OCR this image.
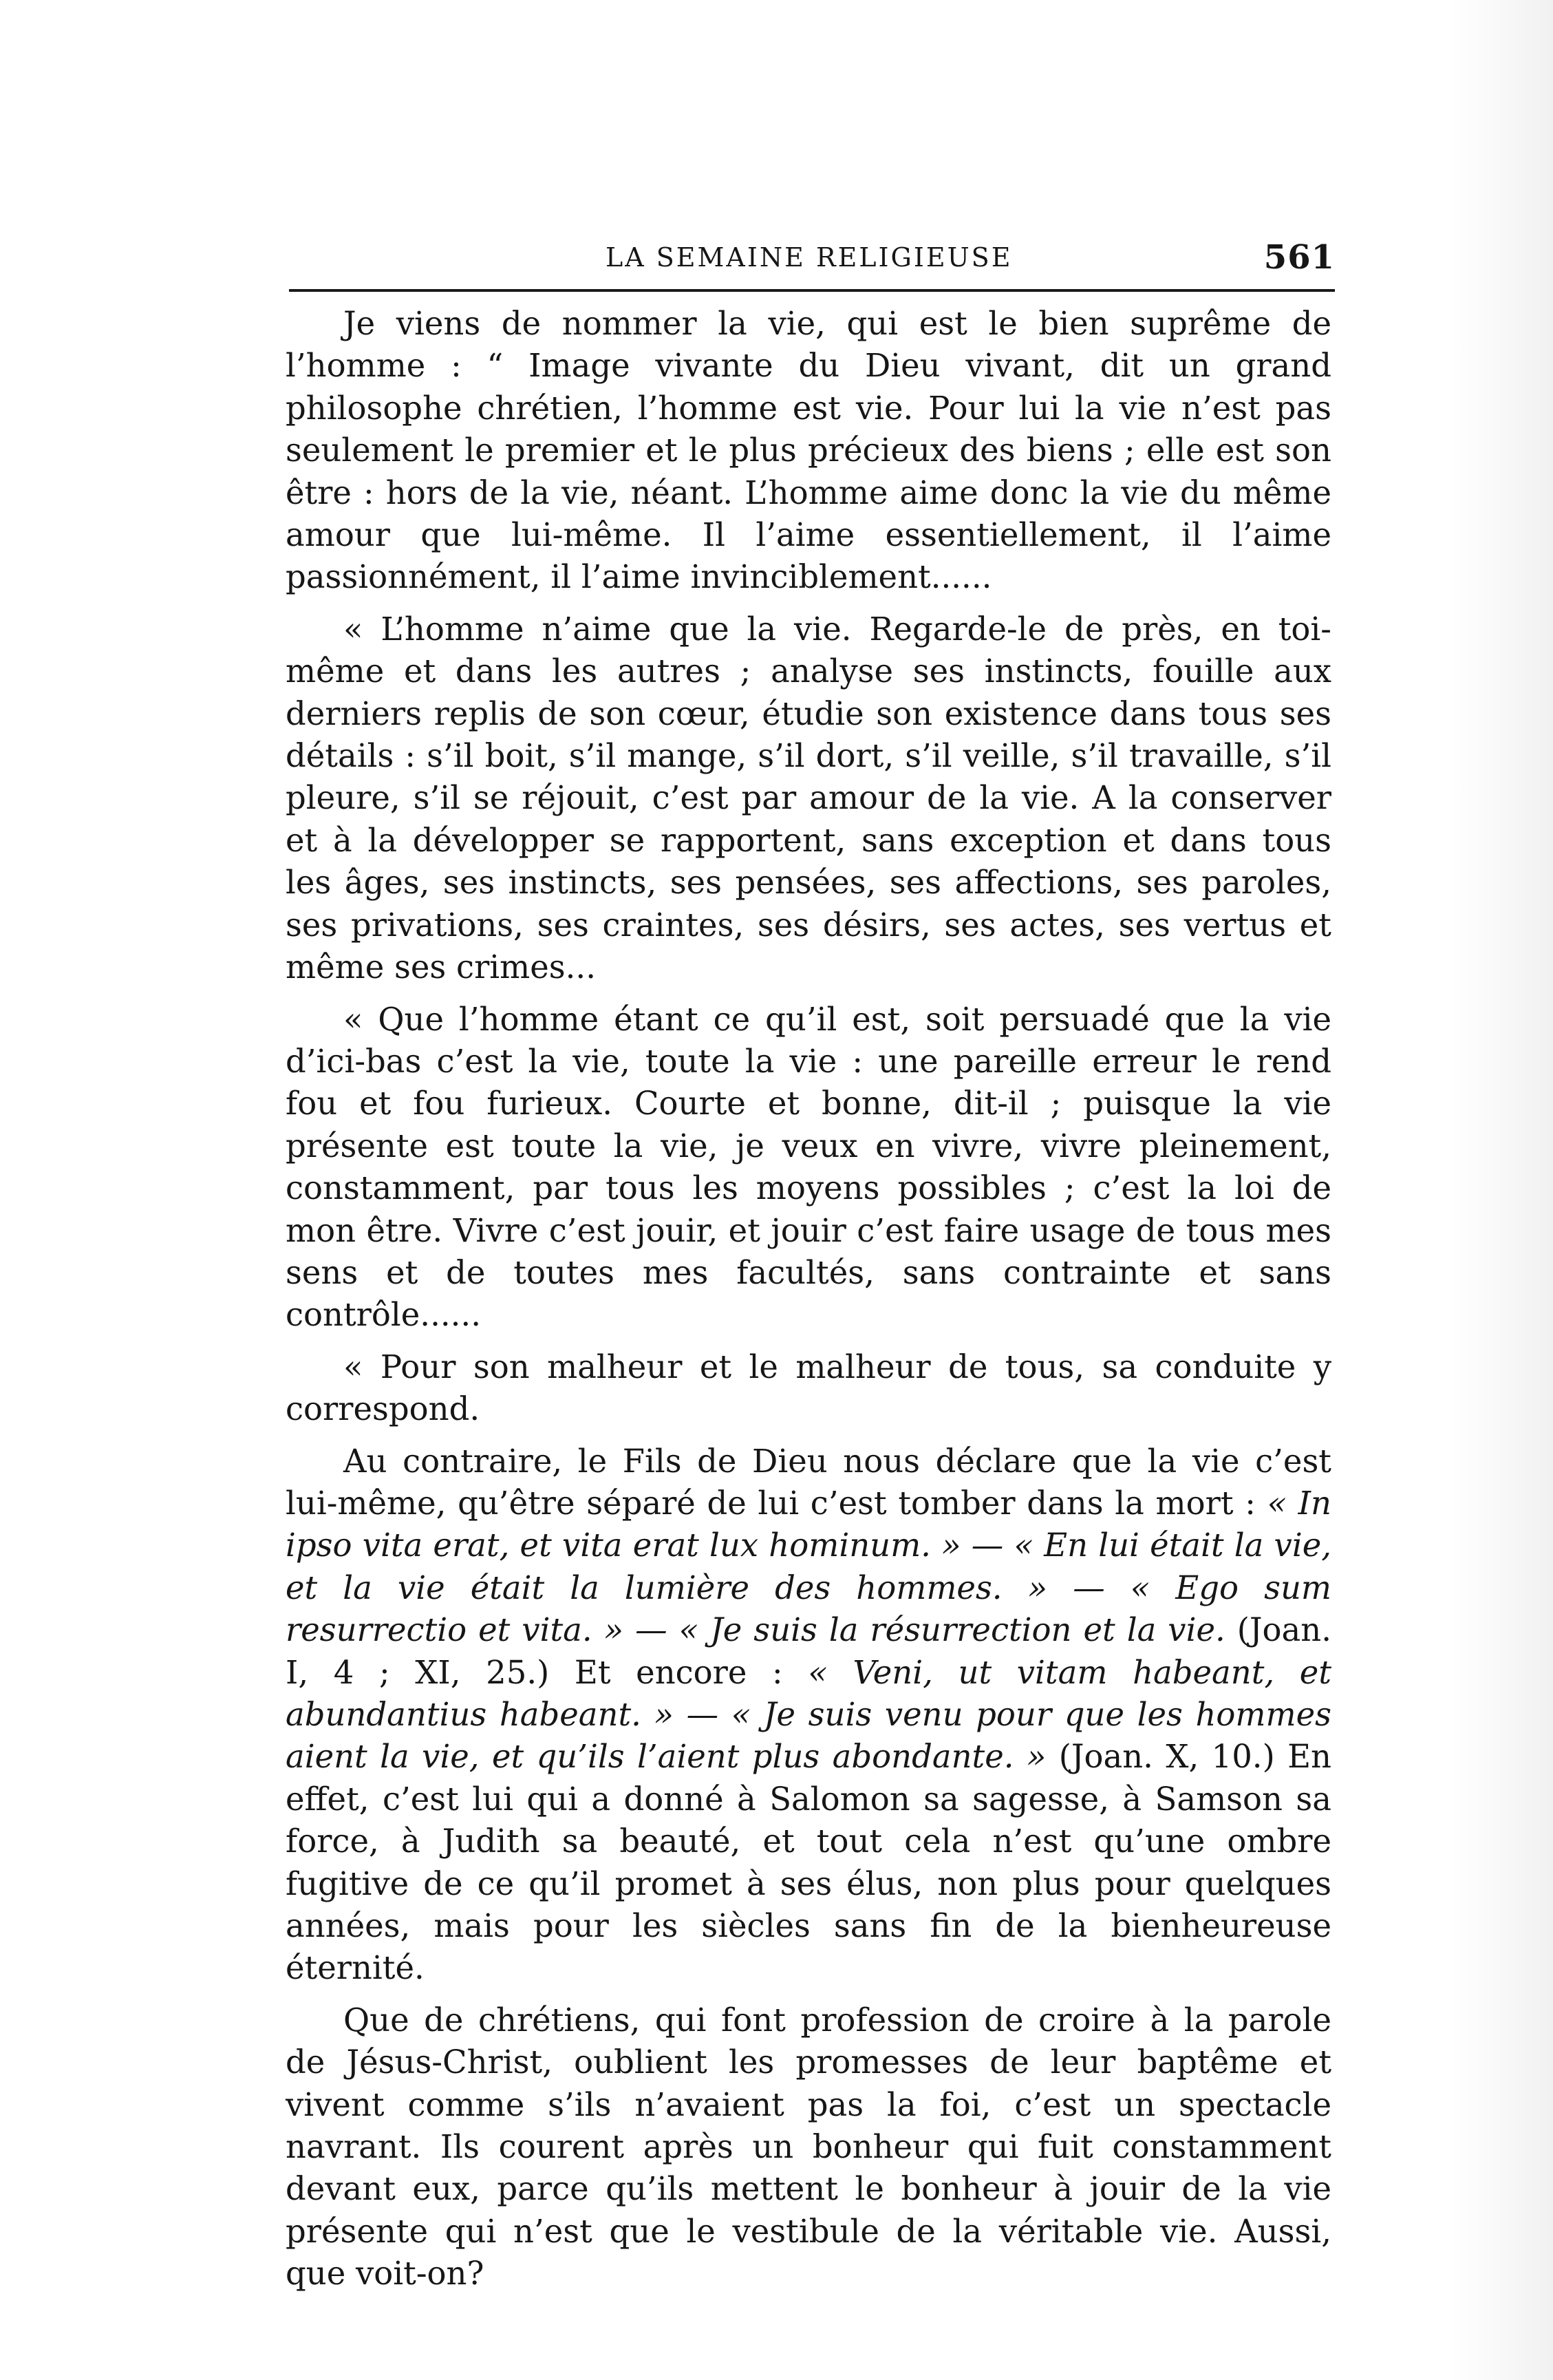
LA SEMAINE RELIGIEUSE	561

Je viens de nommer la vie, qui est le bien suprême de l’homme : “ Image vivante du Dieu vivant, dit un grand philosophe chrétien, l’homme est vie. Pour lui la vie n’est pas seulement le premier et le plus précieux des biens ; elle est son être : hors de la vie, néant. L’homme aime donc la vie du même amour que lui-même. Il l’aime essentiellement, il l’aime passionnément, il l’aime invinciblement......

« L’homme n’aime que la vie. Regarde-le de près, en toi-même et dans les autres ; analyse ses instincts, fouille aux derniers replis de son cœur, étudie son existence dans tous ses détails : s’il boit, s’il mange, s’il dort, s’il veille, s’il travaille, s’il pleure, s’il se réjouit, c’est par amour de la vie. A la conserver et à la développer se rapportent, sans exception et dans tous les âges, ses instincts, ses pensées, ses affections, ses paroles, ses privations, ses craintes, ses désirs, ses actes, ses vertus et même ses crimes...

« Que l’homme étant ce qu’il est, soit persuadé que la vie d’ici-bas c’est la vie, toute la vie : une pareille erreur le rend fou et fou furieux. Courte et bonne, dit-il ; puisque la vie présente est toute la vie, je veux en vivre, vivre pleinement, constamment, par tous les moyens possibles ; c’est la loi de mon être. Vivre c’est jouir, et jouir c’est faire usage de tous mes sens et de toutes mes facultés, sans contrainte et sans contrôle......

« Pour son malheur et le malheur de tous, sa conduite y correspond.

Au contraire, le Fils de Dieu nous déclare que la vie c’est lui-même, qu’être séparé de lui c’est tomber dans la mort : « In ipso vita erat, et vita erat lux hominum. » — « En lui était la vie, et la vie était la lumière des hommes. » — « Ego sum resurrectio et vita. » — « Je suis la résurrection et la vie. (Joan. I, 4 ; XI, 25.) Et encore : « Veni, ut vitam habeant, et abundantius habeant. » — « Je suis venu pour que les hommes aient la vie, et qu’ils l’aient plus abondante. » (Joan. X, 10.) En effet, c’est lui qui a donné à Salomon sa sagesse, à Samson sa force, à Judith sa beauté, et tout cela n’est qu’une ombre fugitive de ce qu’il promet à ses élus, non plus pour quelques années, mais pour les siècles sans fin de la bienheureuse éternité.

Que de chrétiens, qui font profession de croire à la parole de Jésus-Christ, oublient les promesses de leur baptême et vivent comme s’ils n’avaient pas la foi, c’est un spectacle navrant. Ils courent après un bonheur qui fuit constamment devant eux, parce qu’ils mettent le bonheur à jouir de la vie présente qui n’est que le vestibule de la véritable vie. Aussi, que voit-on?
